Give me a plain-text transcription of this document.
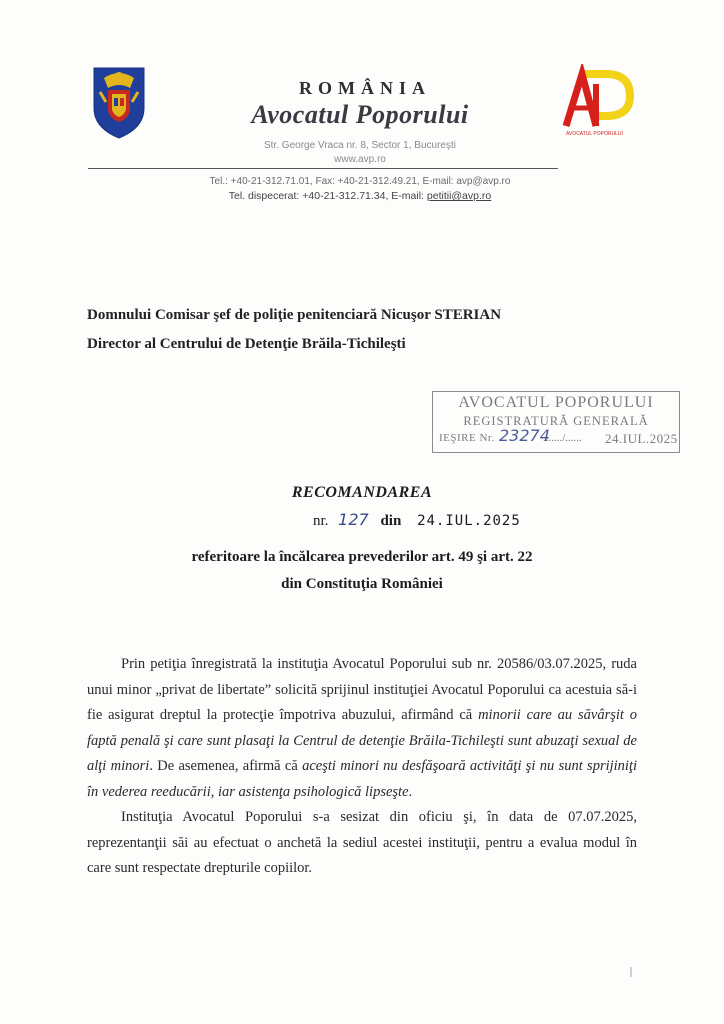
ROMÂNIA
Avocatul Poporului
Str. George Vraca nr. 8, Sector 1, București
www.avp.ro
AVOCATUL POPORULUI
Tel.: +40-21-312.71.01, Fax: +40-21-312.49.21, E-mail: avp@avp.ro
Tel. dispecerat: +40-21-312.71.34, E-mail: petitii@avp.ro
Domnului Comisar şef de poliţie penitenciară Nicuşor STERIAN
Director al Centrului de Detenţie Brăila-Tichileşti
AVOCATUL POPORULUI
REGISTRATURĂ GENERALĂ
IEŞIRE Nr. 23274
......./...... 24.IUL.2025
RECOMANDAREA
nr. 127 din 24.IUL.2025
referitoare la încălcarea prevederilor art. 49 şi art. 22
din Constituţia României
Prin petiţia înregistrată la instituţia Avocatul Poporului sub nr. 20586/03.07.2025, ruda unui minor „privat de libertate” solicită sprijinul instituţiei Avocatul Poporului ca acestuia să-i fie asigurat dreptul la protecţie împotriva abuzului, afirmând că minorii care au săvârşit o faptă penală şi care sunt plasaţi la Centrul de detenţie Brăila-Tichileşti sunt abuzaţi sexual de alţi minori. De asemenea, afirmă că aceşti minori nu desfăşoară activităţi şi nu sunt sprijiniţi în vederea reeducării, iar asistenţa psihologică lipseşte.
Instituţia Avocatul Poporului s-a sesizat din oficiu şi, în data de 07.07.2025, reprezentanţii săi au efectuat o anchetă la sediul acestei instituţii, pentru a evalua modul în care sunt respectate drepturile copiilor.
